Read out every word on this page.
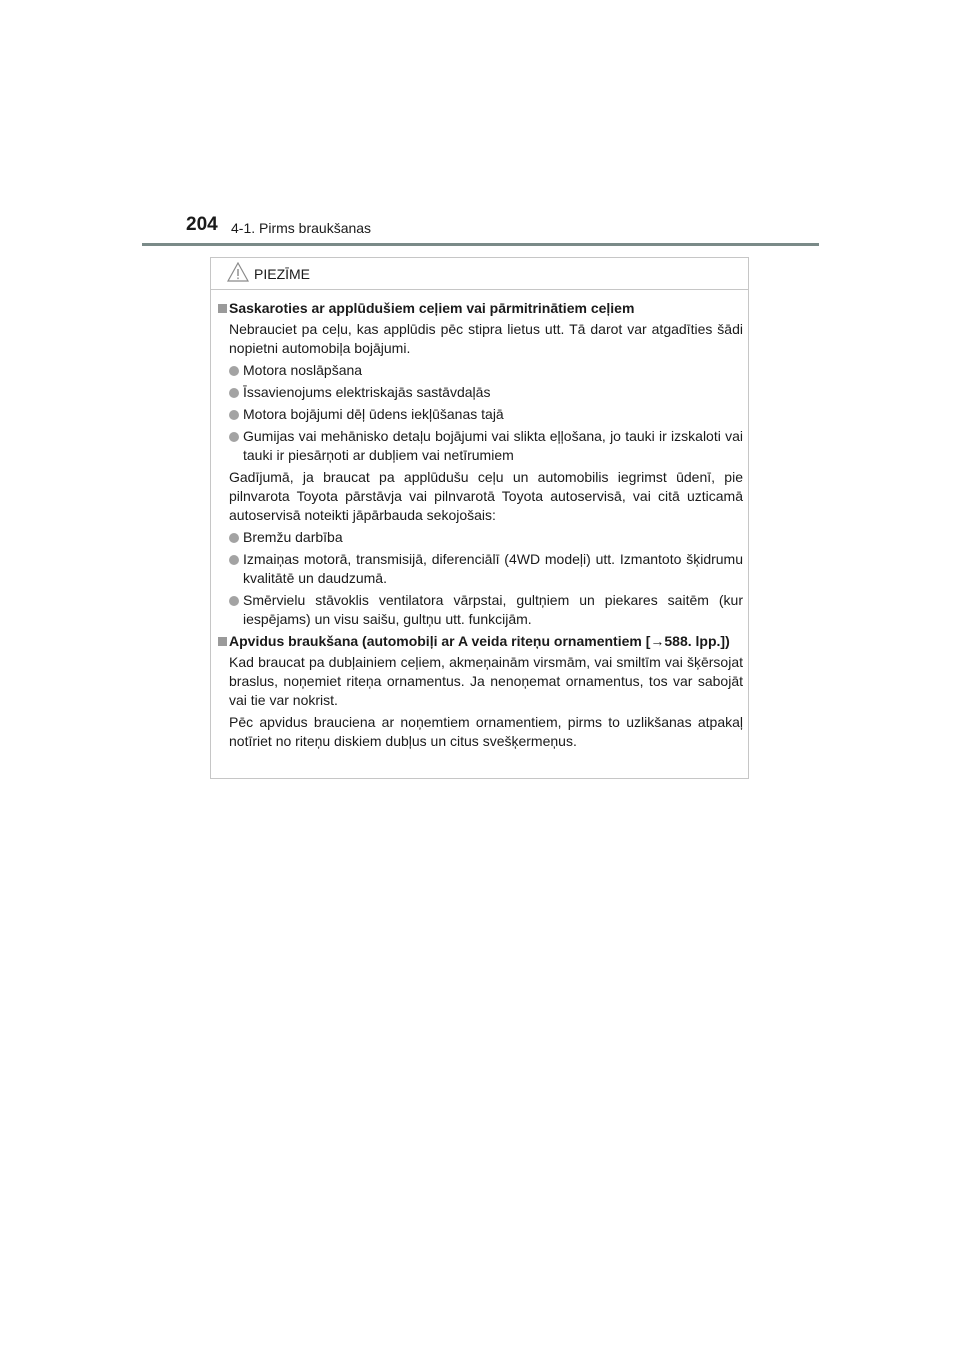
204 4-1. Pirms braukšanas
PIEZĪME
Saskaroties ar applūdušiem ceļiem vai pārmitrinātiem ceļiem
Nebrauciet pa ceļu, kas applūdis pēc stipra lietus utt. Tā darot var atgadīties šādi nopietni automobiļa bojājumi.
Motora noslāpšana
Īssavienojums elektriskajās sastāvdaļās
Motora bojājumi dēļ ūdens iekļūšanas tajā
Gumijas vai mehānisko detaļu bojājumi vai slikta eļļošana, jo tauki ir izskaloti vai tauki ir piesārņoti ar dubļiem vai netīrumiem
Gadījumā, ja braucat pa applūdušu ceļu un automobilis iegrimst ūdenī, pie pilnvarota Toyota pārstāvja vai pilnvarotā Toyota autoservisā, vai citā uzticamā autoservisā noteikti jāpārbauda sekojošais:
Bremžu darbība
Izmaiņas motorā, transmisijā, diferenciālī (4WD modeļi) utt. Izmantoto šķidrumu kvalitātē un daudzumā.
Smērvielu stāvoklis ventilatora vārpstai, gultņiem un piekares saitēm (kur iespējams) un visu saišu, gultņu utt. funkcijām.
Apvidus braukšana (automobiļi ar A veida riteņu ornamentiem [→588. lpp.])
Kad braucat pa dubļainiem ceļiem, akmeņainām virsmām, vai smiltīm vai šķērsojat braslus, noņemiet riteņa ornamentus. Ja nenoņemat ornamentus, tos var sabojāt vai tie var nokrist.
Pēc apvidus brauciena ar noņemtiem ornamentiem, pirms to uzlikšanas atpakaļ notīriet no riteņu diskiem dubļus un citus svešķermeņus.
